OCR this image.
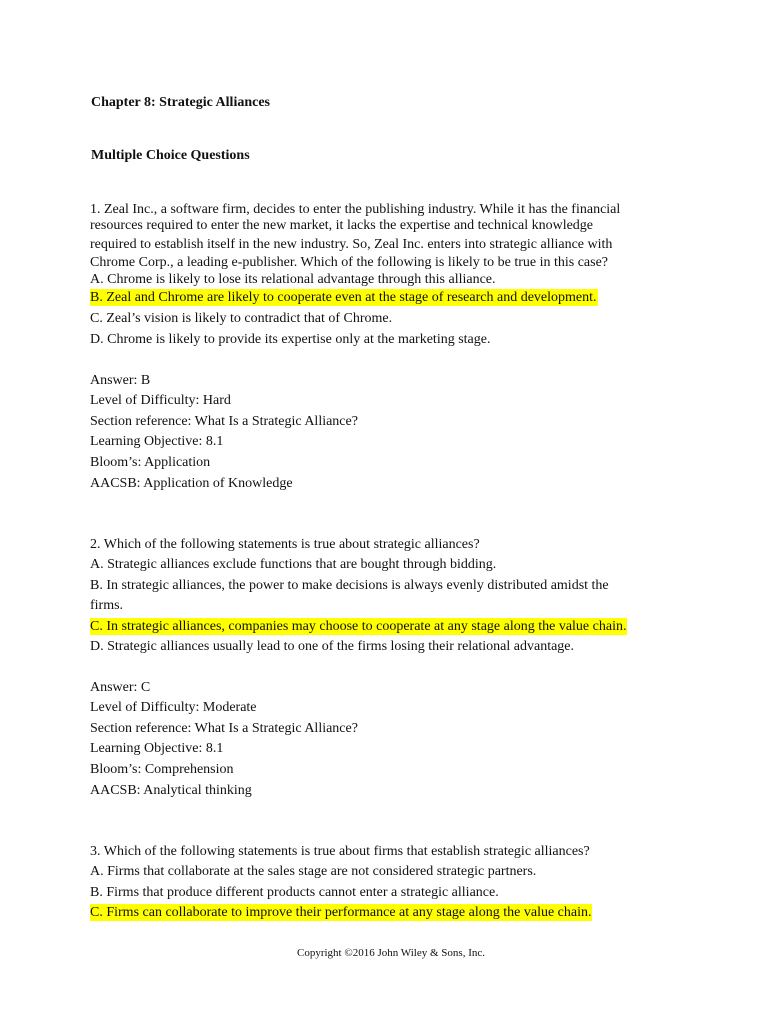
Chapter 8: Strategic Alliances
Multiple Choice Questions
1. Zeal Inc., a software firm, decides to enter the publishing industry. While it has the financial
resources required to enter the new market, it lacks the expertise and technical knowledge
required to establish itself in the new industry. So, Zeal Inc. enters into strategic alliance with
Chrome Corp., a leading e-publisher. Which of the following is likely to be true in this case?
A. Chrome is likely to lose its relational advantage through this alliance.
B. Zeal and Chrome are likely to cooperate even at the stage of research and development.
C. Zeal’s vision is likely to contradict that of Chrome.
D. Chrome is likely to provide its expertise only at the marketing stage.
Answer: B
Level of Difficulty: Hard
Section reference: What Is a Strategic Alliance?
Learning Objective: 8.1
Bloom’s: Application
AACSB: Application of Knowledge
2. Which of the following statements is true about strategic alliances?
A. Strategic alliances exclude functions that are bought through bidding.
B. In strategic alliances, the power to make decisions is always evenly distributed amidst the
firms.
C. In strategic alliances, companies may choose to cooperate at any stage along the value chain.
D. Strategic alliances usually lead to one of the firms losing their relational advantage.
Answer: C
Level of Difficulty: Moderate
Section reference: What Is a Strategic Alliance?
Learning Objective: 8.1
Bloom’s: Comprehension
AACSB: Analytical thinking
3. Which of the following statements is true about firms that establish strategic alliances?
A. Firms that collaborate at the sales stage are not considered strategic partners.
B. Firms that produce different products cannot enter a strategic alliance.
C. Firms can collaborate to improve their performance at any stage along the value chain.
Copyright ©2016 John Wiley & Sons, Inc.
